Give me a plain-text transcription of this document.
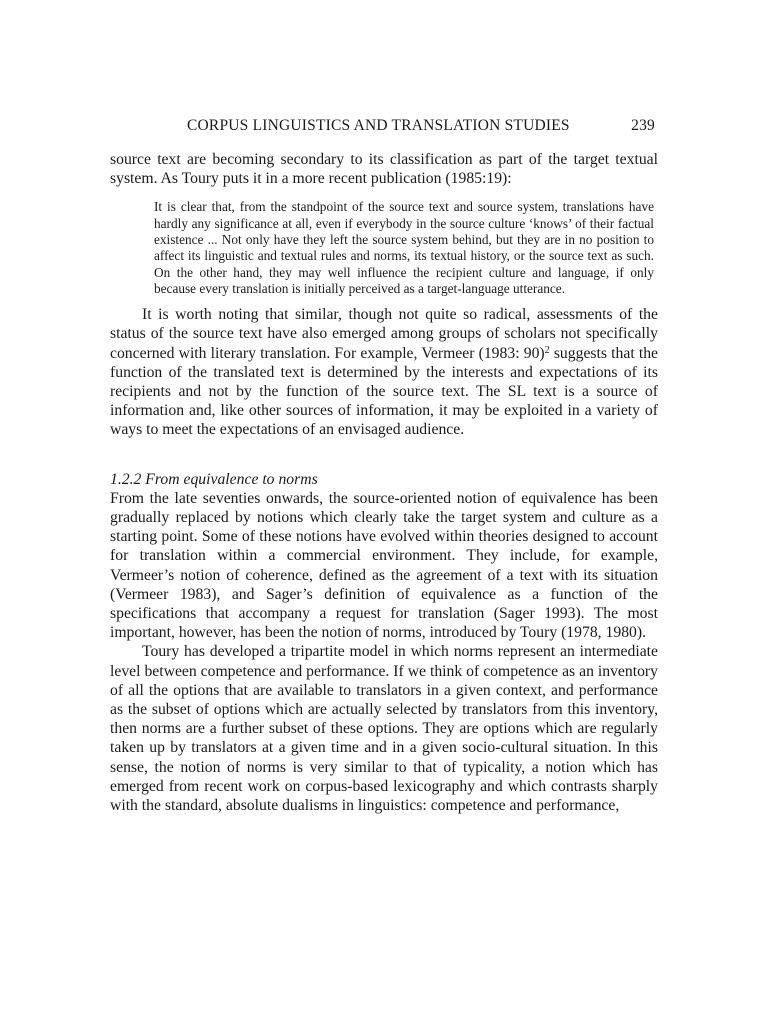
CORPUS LINGUISTICS AND TRANSLATION STUDIES	239

source text are becoming secondary to its classification as part of the target textual system. As Toury puts it in a more recent publication (1985:19):

It is clear that, from the standpoint of the source text and source system, translations have hardly any significance at all, even if everybody in the source culture ‘knows’ of their factual existence ... Not only have they left the source system behind, but they are in no position to affect its linguistic and textual rules and norms, its textual history, or the source text as such. On the other hand, they may well influence the recipient culture and language, if only because every translation is initially perceived as a target-language utterance.

It is worth noting that similar, though not quite so radical, assessments of the status of the source text have also emerged among groups of scholars not specifically concerned with literary translation. For example, Vermeer (1983: 90)$^2$ suggests that the function of the translated text is determined by the interests and expectations of its recipients and not by the function of the source text. The SL text is a source of information and, like other sources of information, it may be exploited in a variety of ways to meet the expectations of an envisaged audience.

1.2.2 From equivalence to norms

From the late seventies onwards, the source-oriented notion of equivalence has been gradually replaced by notions which clearly take the target system and culture as a starting point. Some of these notions have evolved within theories designed to account for translation within a commercial environment. They include, for example, Vermeer’s notion of coherence, defined as the agreement of a text with its situation (Vermeer 1983), and Sager’s definition of equivalence as a function of the specifications that accompany a request for translation (Sager 1993). The most important, however, has been the notion of norms, introduced by Toury (1978, 1980).

Toury has developed a tripartite model in which norms represent an intermediate level between competence and performance. If we think of competence as an inventory of all the options that are available to translators in a given context, and performance as the subset of options which are actually selected by translators from this inventory, then norms are a further subset of these options. They are options which are regularly taken up by translators at a given time and in a given socio-cultural situation. In this sense, the notion of norms is very similar to that of typicality, a notion which has emerged from recent work on corpus-based lexicography and which contrasts sharply with the standard, absolute dualisms in linguistics: competence and performance,
